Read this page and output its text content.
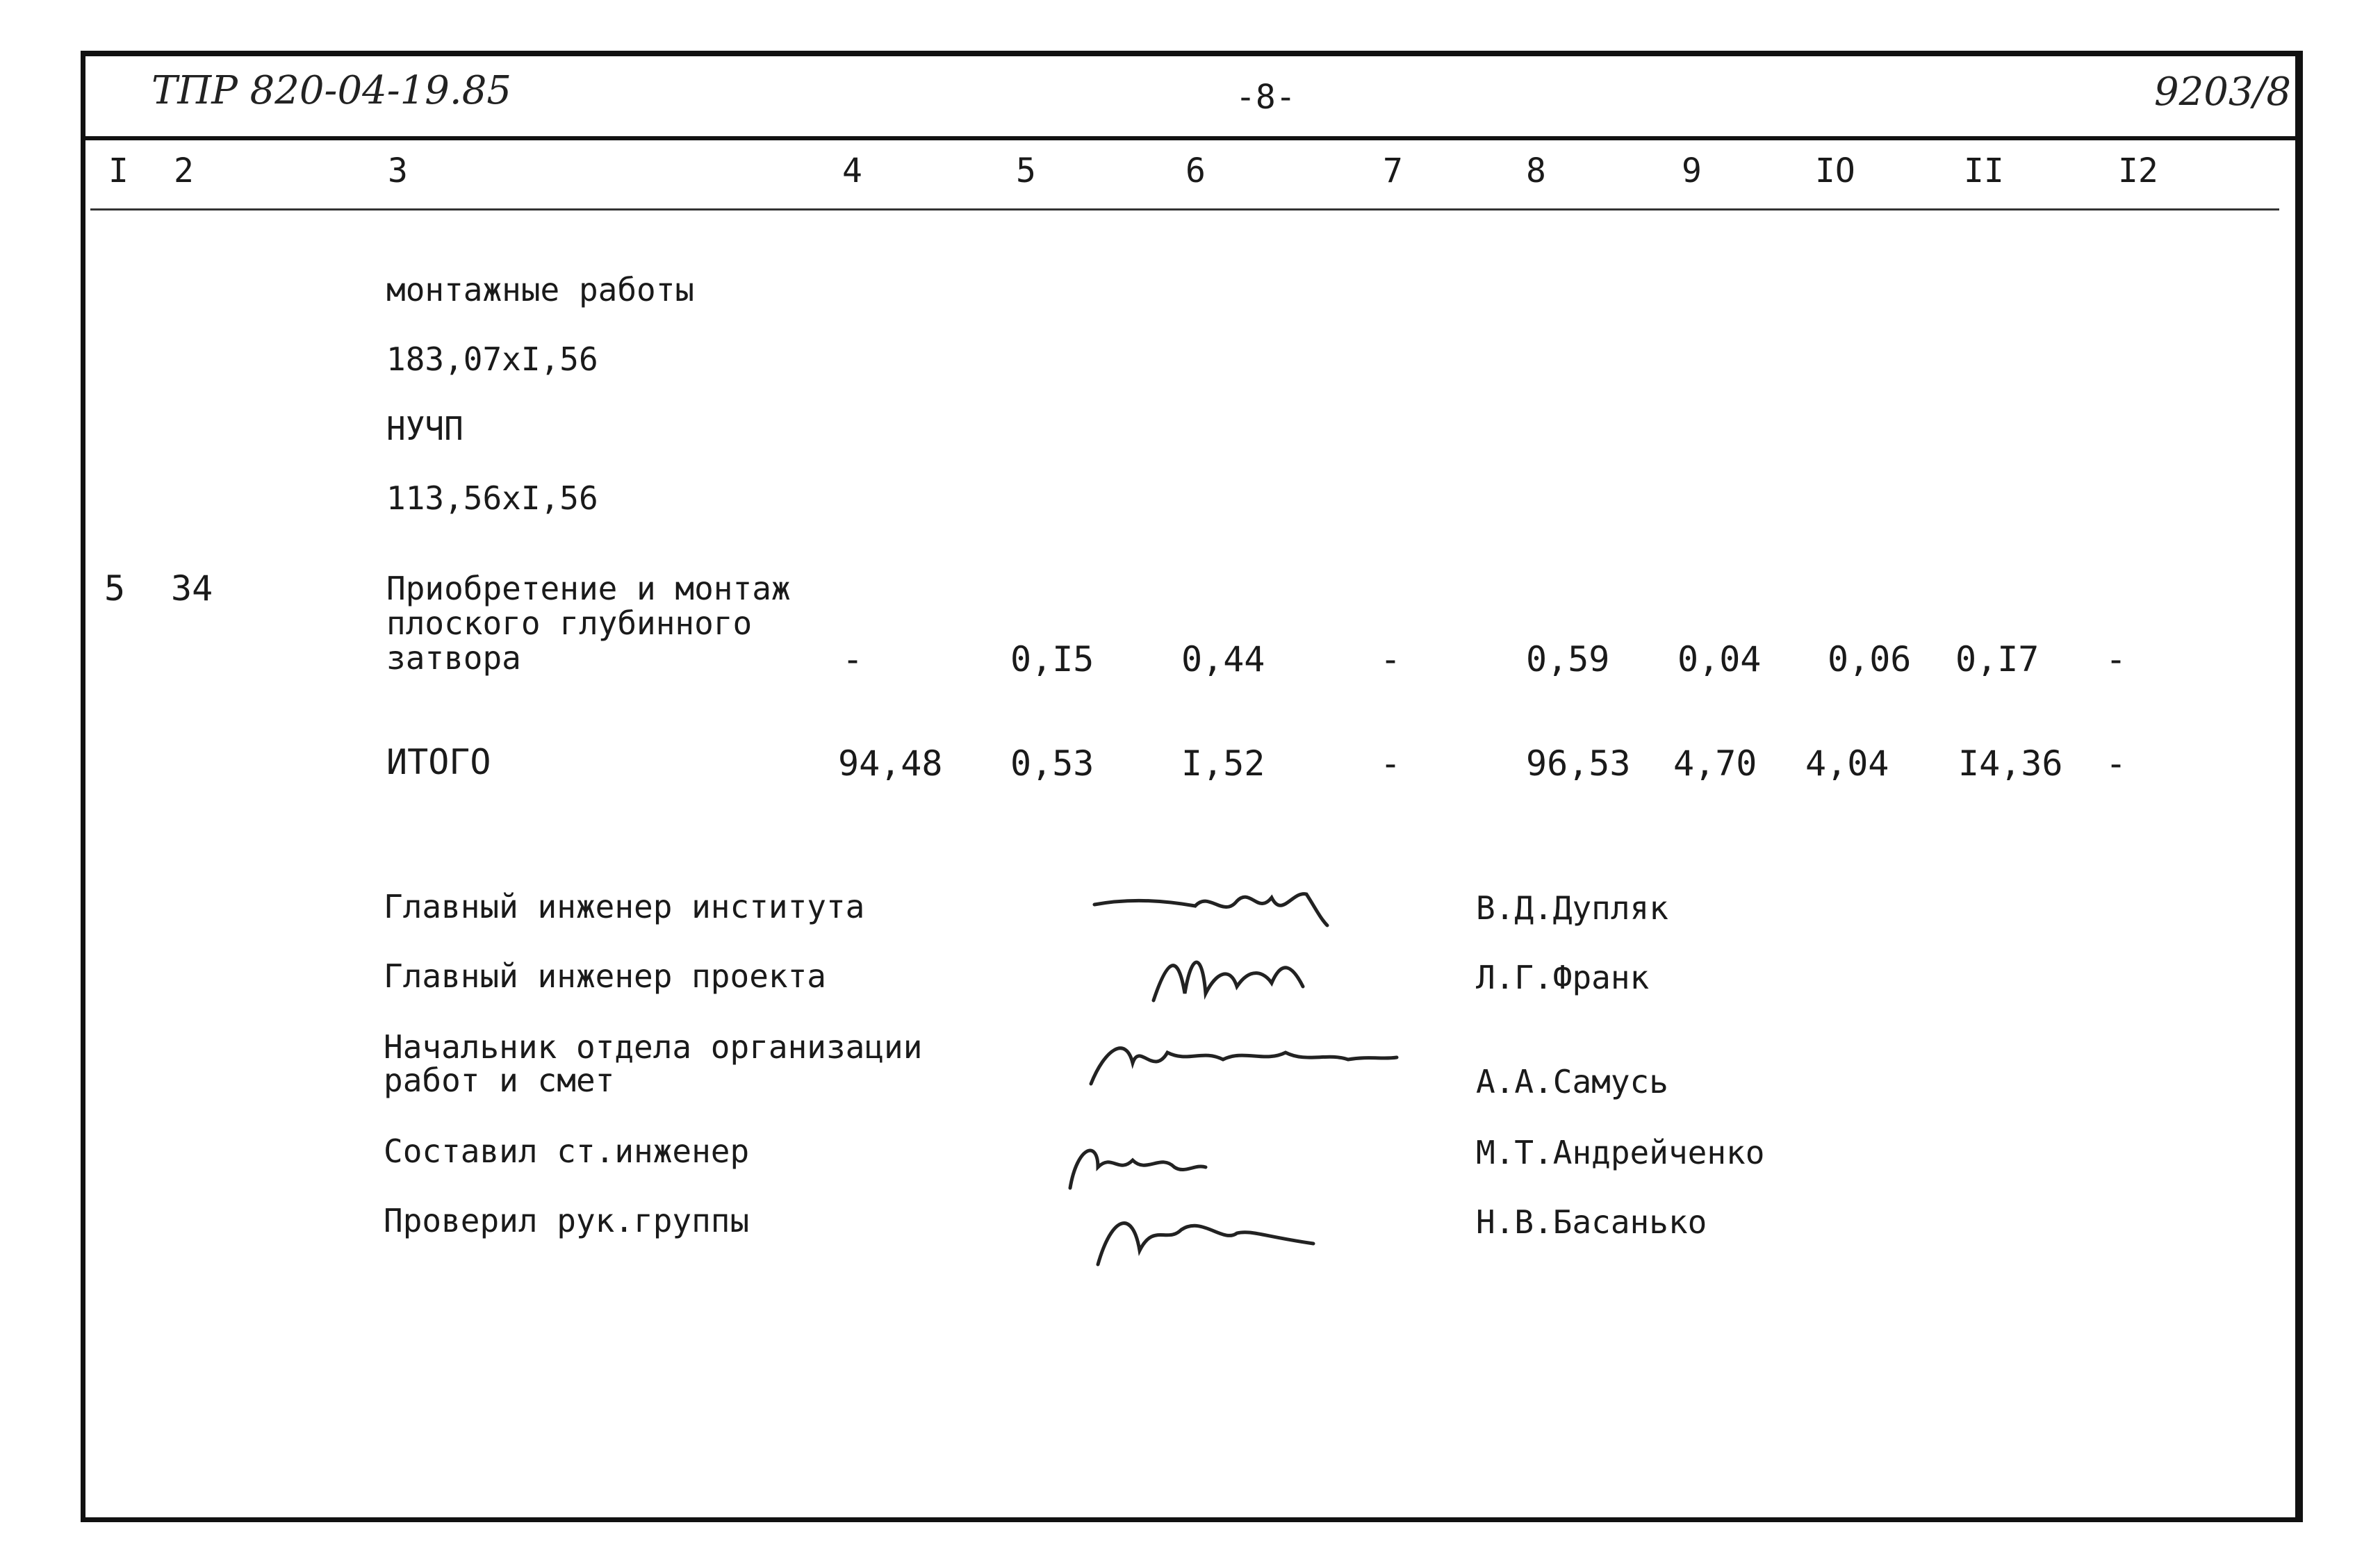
ТПР 820-04-19.85	-8-	9203/8
I 2	3	4	5	6	7	8	9	IO	II	I2
монтажные работы
183,07xI,56
НУЧП
113,56xI,56
5 34	Приобретение и монтаж
плоского глубинного
затвора	-	0,I5	0,44	-	0,59 0,04 0,06 0,I7 -
ИТОГО	94,48 0,53	I,52	-	96,53 4,70 4,04 I4,36 -
Главный инженер института	В.Д.Дупляк
Главный инженер проекта	Л.Г.Франк
Начальник отдела организации
работ и смет	А.А.Самусь
Составил ст.инженер	М.Т.Андрейченко
Проверил рук.группы	Н.В.Басанько
